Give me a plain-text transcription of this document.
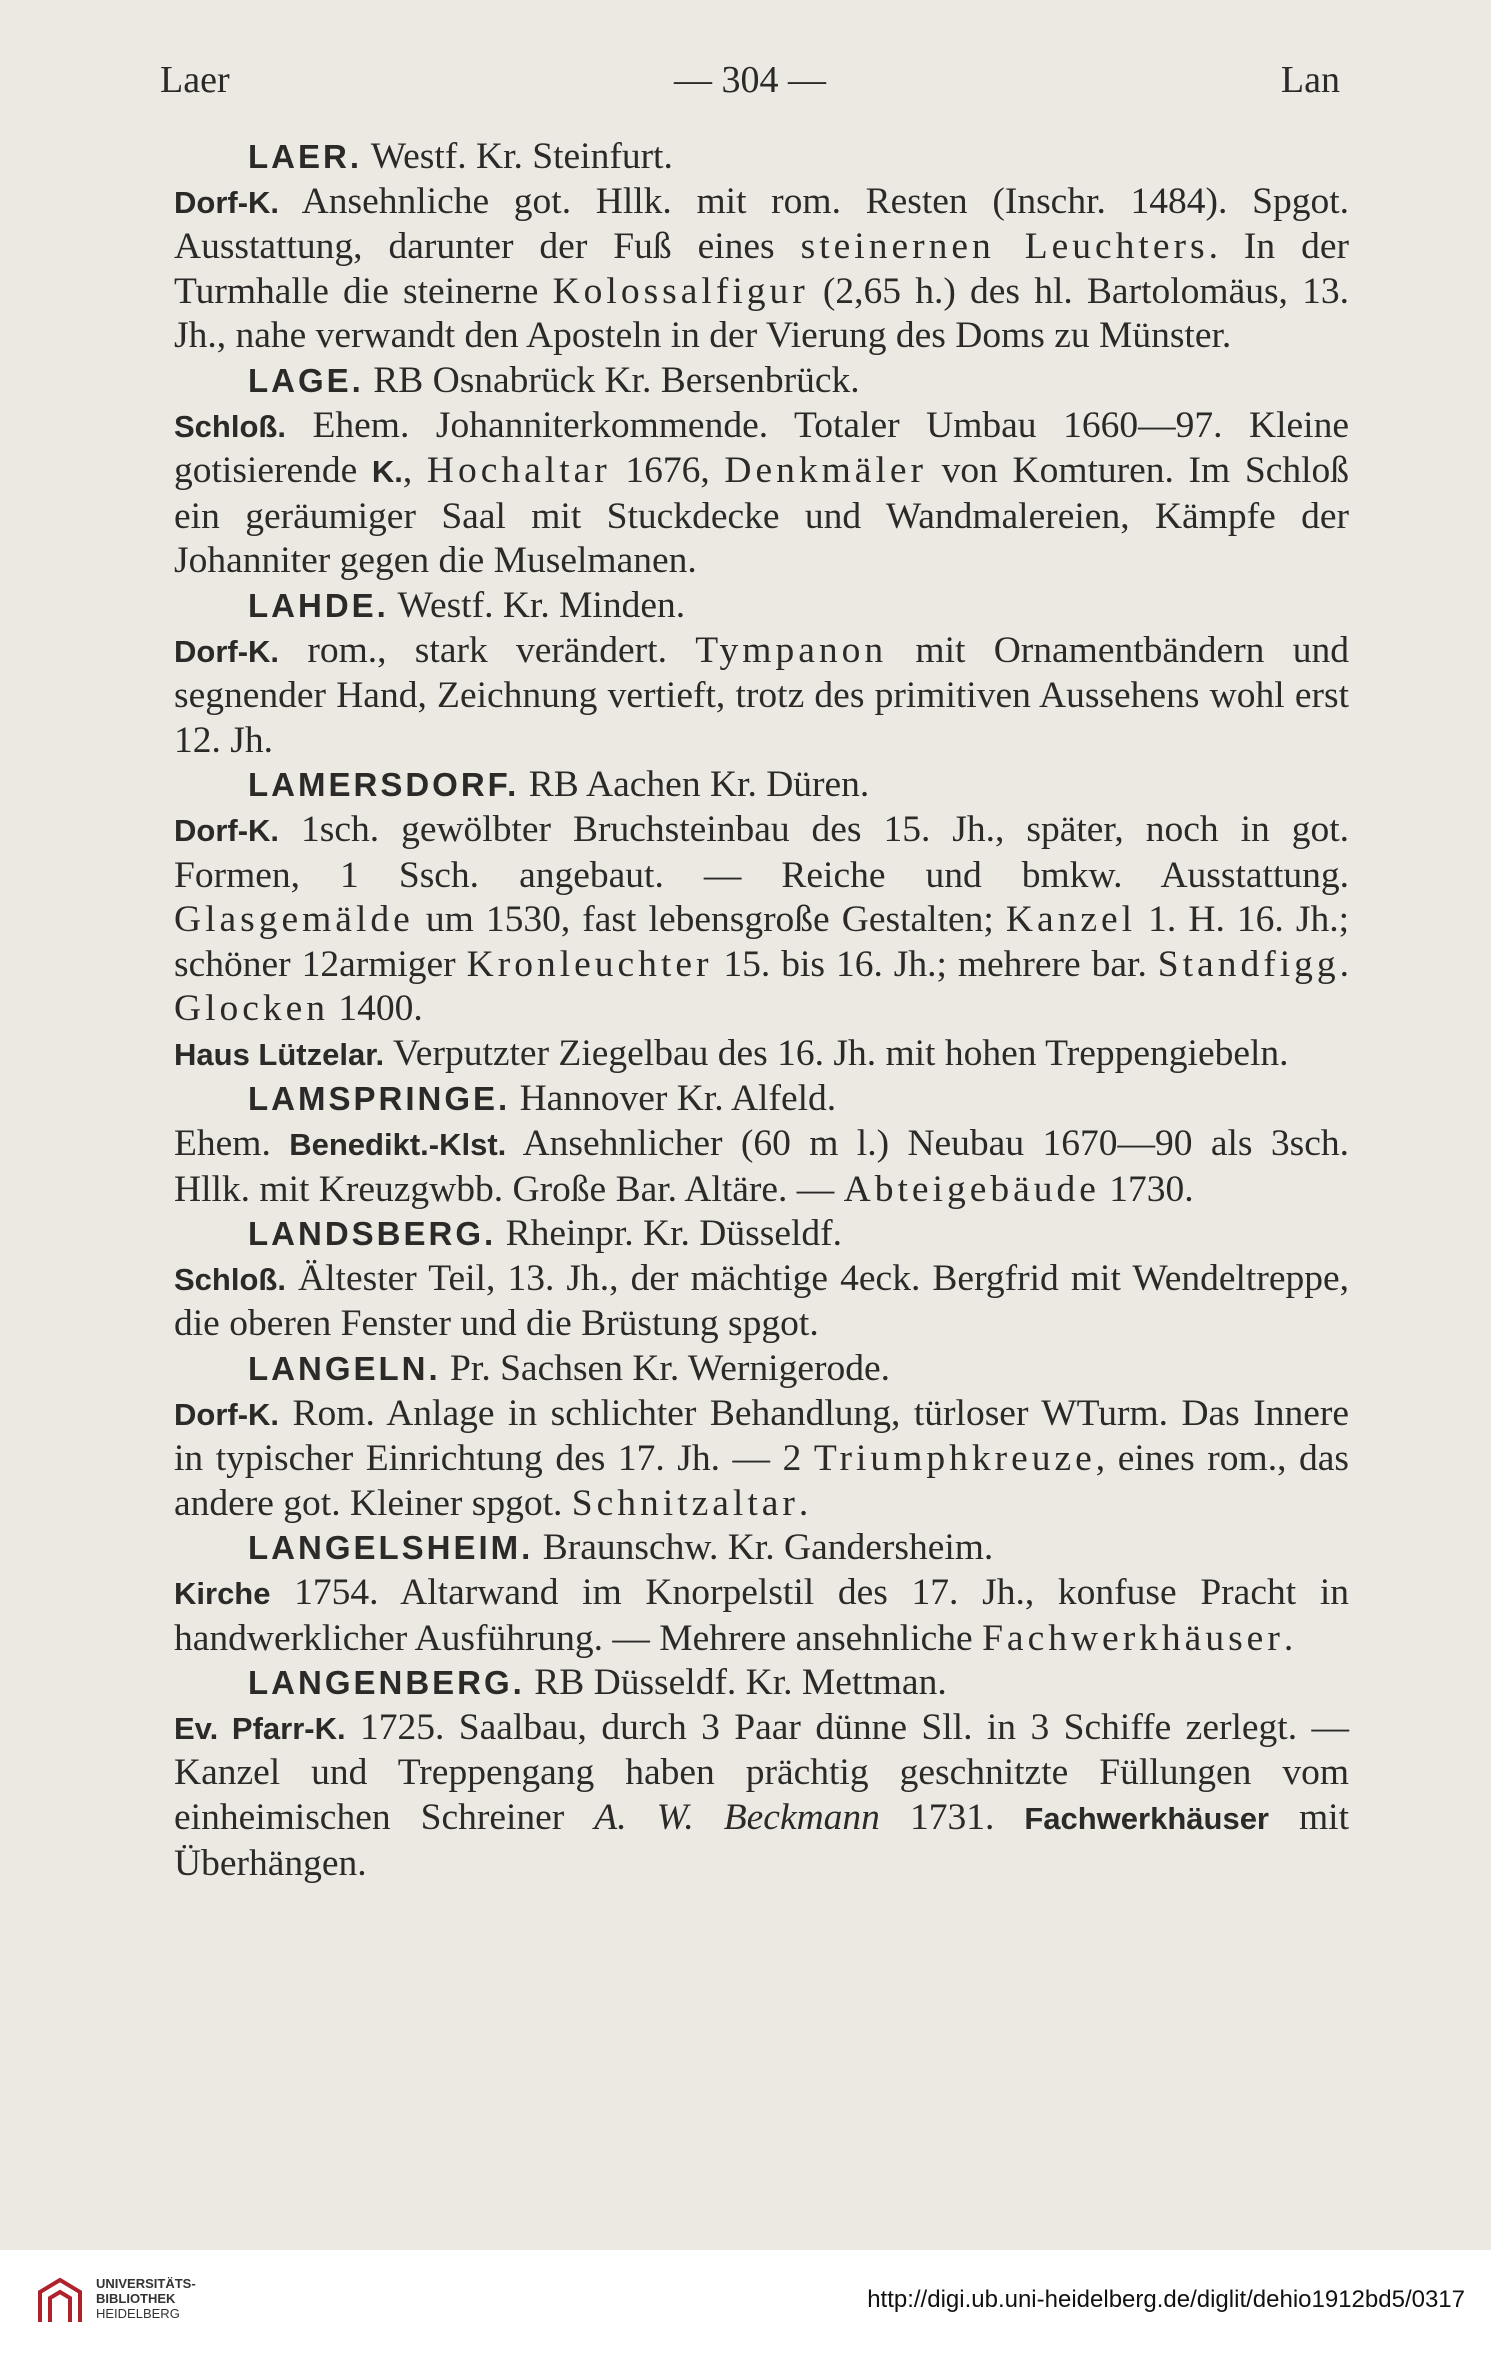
Laer	— 304 —	Lan
LAER. Westf. Kr. Steinfurt.

Dorf-K. Ansehnliche got. Hllk. mit rom. Resten (Inschr. 1484). Spgot. Ausstattung, darunter der Fuß eines steinernen Leuchters. In der Turmhalle die steinerne Kolossalfigur (2,65 h.) des hl. Bartolomäus, 13. Jh., nahe verwandt den Aposteln in der Vierung des Doms zu Münster.

LAGE. RB Osnabrück Kr. Bersenbrück.

Schloß. Ehem. Johanniterkommende. Totaler Umbau 1660—97. Kleine gotisierende K., Hochaltar 1676, Denkmäler von Komturen. Im Schloß ein geräumiger Saal mit Stuckdecke und Wandmalereien, Kämpfe der Johanniter gegen die Muselmanen.

LAHDE. Westf. Kr. Minden.

Dorf-K. rom., stark verändert. Tympanon mit Ornamentbändern und segnender Hand, Zeichnung vertieft, trotz des primitiven Aussehens wohl erst 12. Jh.

LAMERSDORF. RB Aachen Kr. Düren.

Dorf-K. 1sch. gewölbter Bruchsteinbau des 15. Jh., später, noch in got. Formen, 1 Ssch. angebaut. — Reiche und bmkw. Ausstattung. Glasgemälde um 1530, fast lebensgroße Gestalten; Kanzel 1. H. 16. Jh.; schöner 12armiger Kronleuchter 15. bis 16. Jh.; mehrere bar. Standfigg. Glocken 1400.

Haus Lützelar. Verputzter Ziegelbau des 16. Jh. mit hohen Treppengiebeln.

LAMSPRINGE. Hannover Kr. Alfeld.

Ehem. Benedikt.-Klst. Ansehnlicher (60 m l.) Neubau 1670—90 als 3sch. Hllk. mit Kreuzgwbb. Große Bar. Altäre. — Abteigebäude 1730.

LANDSBERG. Rheinpr. Kr. Düsseldf.

Schloß. Ältester Teil, 13. Jh., der mächtige 4eck. Bergfrid mit Wendeltreppe, die oberen Fenster und die Brüstung spgot.

LANGELN. Pr. Sachsen Kr. Wernigerode.

Dorf-K. Rom. Anlage in schlichter Behandlung, türloser WTurm. Das Innere in typischer Einrichtung des 17. Jh. — 2 Triumphkreuze, eines rom., das andere got. Kleiner spgot. Schnitzaltar.

LANGELSHEIM. Braunschw. Kr. Gandersheim.

Kirche 1754. Altarwand im Knorpelstil des 17. Jh., konfuse Pracht in handwerklicher Ausführung. — Mehrere ansehnliche Fachwerkhäuser.

LANGENBERG. RB Düsseldf. Kr. Mettman.

Ev. Pfarr-K. 1725. Saalbau, durch 3 Paar dünne Sll. in 3 Schiffe zerlegt. — Kanzel und Treppengang haben prächtig geschnitzte Füllungen vom einheimischen Schreiner A. W. Beckmann 1731. Fachwerkhäuser mit Überhängen.

UNIVERSITÄTS-
BIBLIOTHEK
HEIDELBERG
http://digi.ub.uni-heidelberg.de/diglit/dehio1912bd5/0317
